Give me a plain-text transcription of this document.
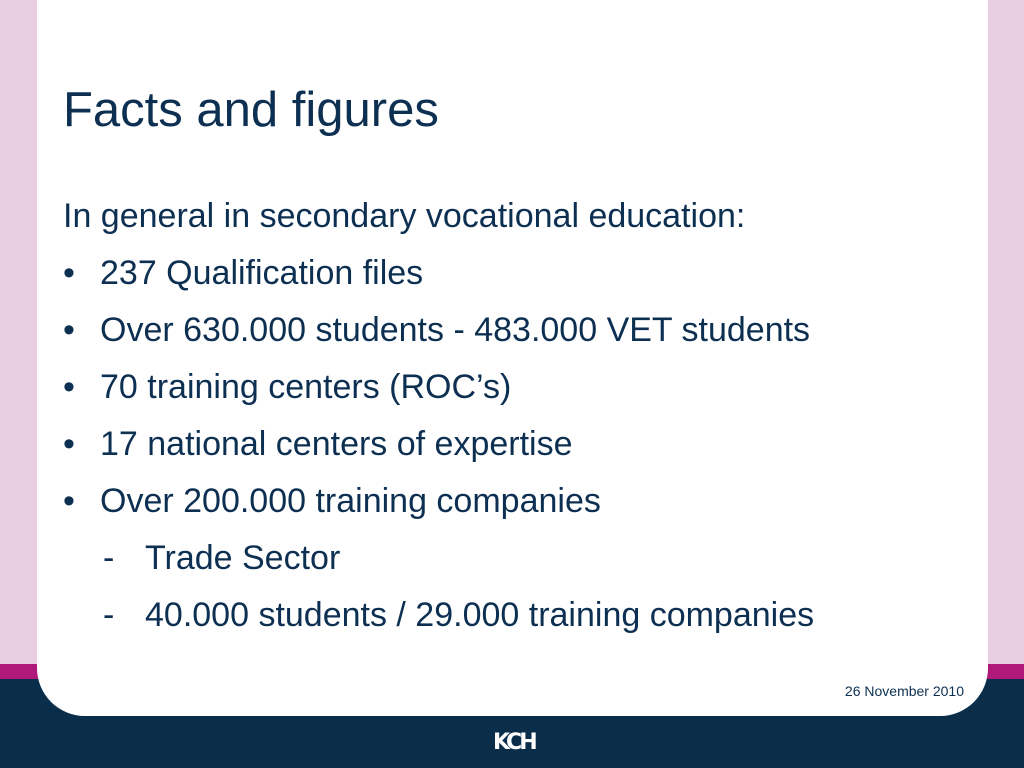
Facts and figures
In general in secondary vocational education:
• 237 Qualification files
• Over 630.000 students - 483.000 VET students
• 70 training centers (ROC’s)
• 17 national centers of expertise
• Over 200.000 training companies
- Trade Sector
- 40.000 students / 29.000 training companies
26 November 2010
KCH
